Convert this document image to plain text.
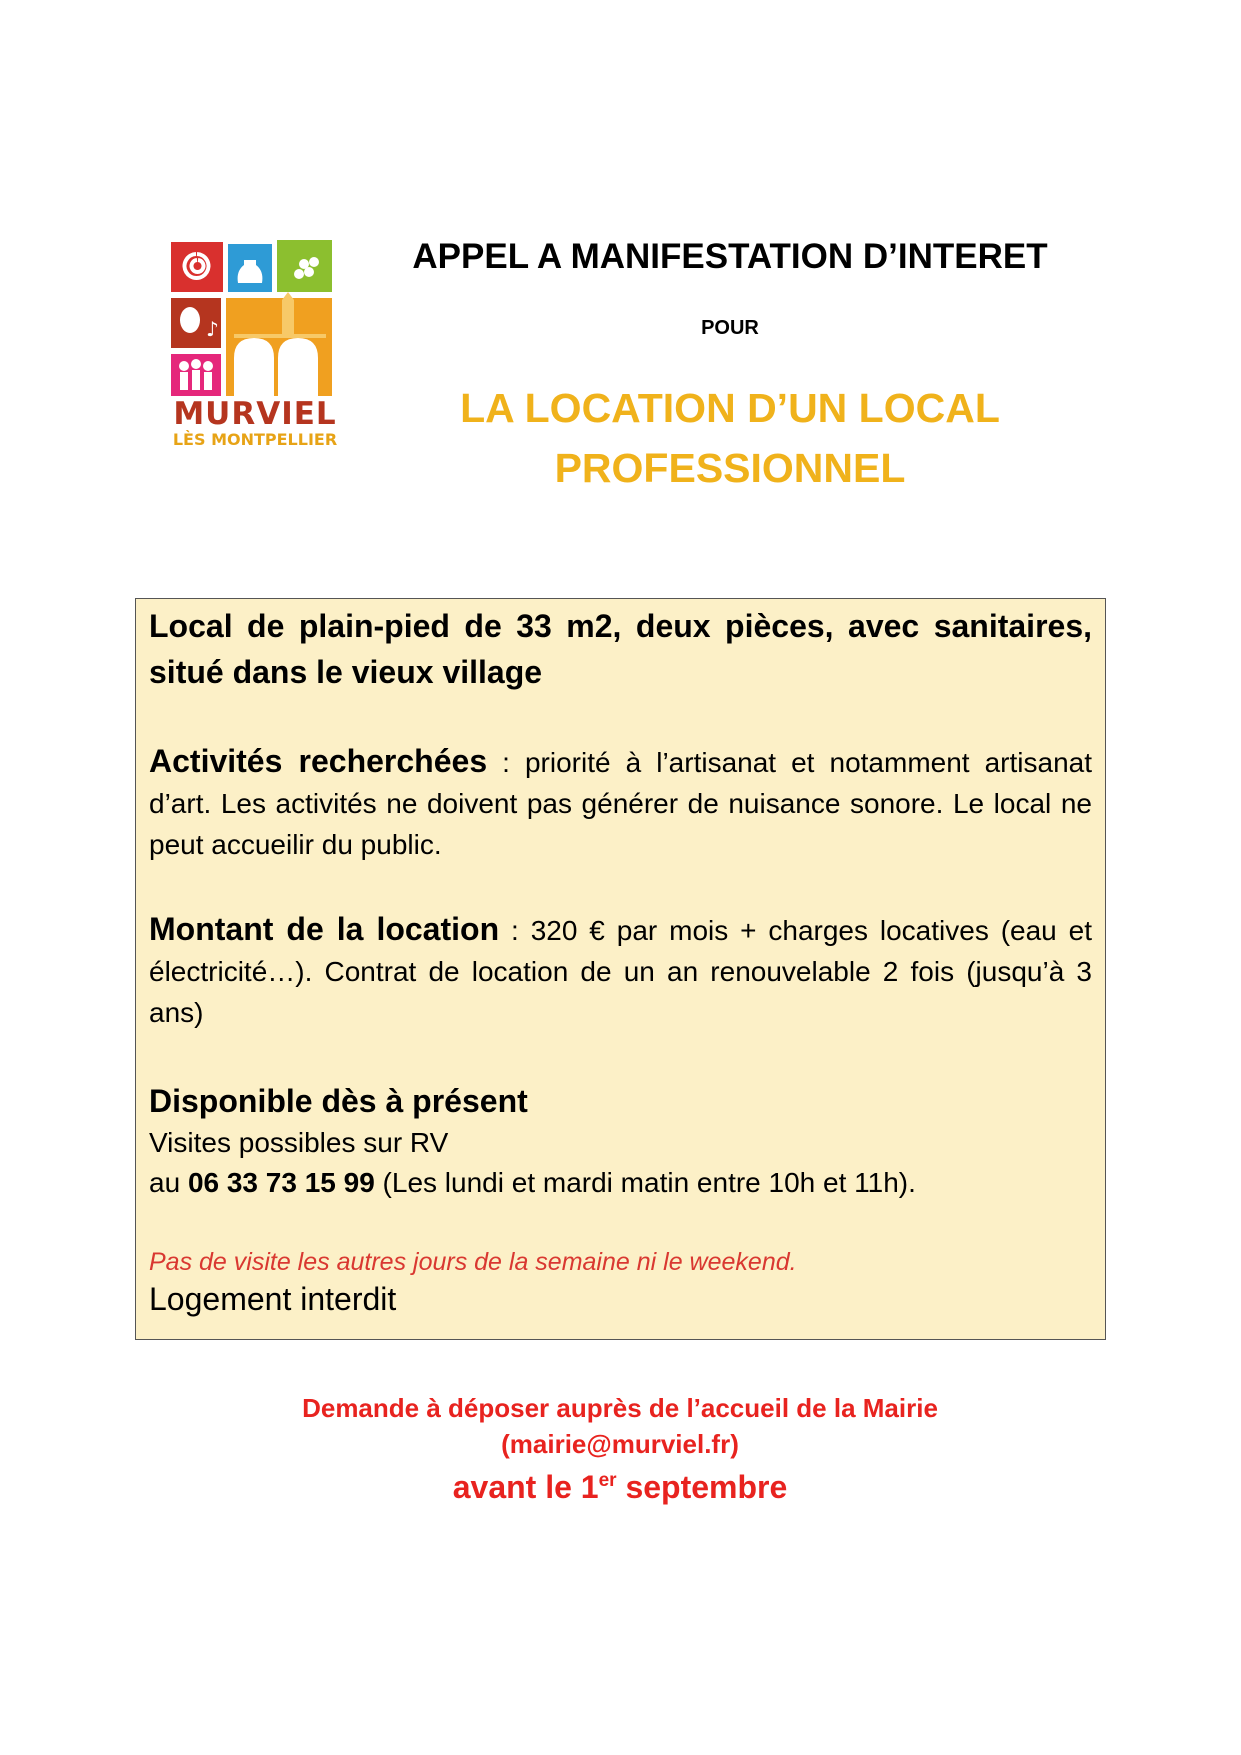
♪
MURVIEL
LÈS MONTPELLIER
APPEL A MANIFESTATION D’INTERET
POUR
LA LOCATION D’UN LOCAL
PROFESSIONNEL

Local de plain-pied de 33 m2, deux pièces, avec sanitaires, situé dans le vieux village

Activités recherchées : priorité à l’artisanat et notamment artisanat d’art. Les activités ne doivent pas générer de nuisance sonore. Le local ne peut accueilir du public.

Montant de la location : 320 € par mois + charges locatives (eau et électricité…). Contrat de location de un an renouvelable 2 fois (jusqu’à 3 ans)

Disponible dès à présent

Visites possibles sur RV

au 06 33 73 15 99 (Les lundi et mardi matin entre 10h et 11h).

Pas de visite les autres jours de la semaine ni le weekend.

Logement interdit

Demande à déposer auprès de l’accueil de la Mairie
(mairie@murviel.fr)
avant le 1er septembre
